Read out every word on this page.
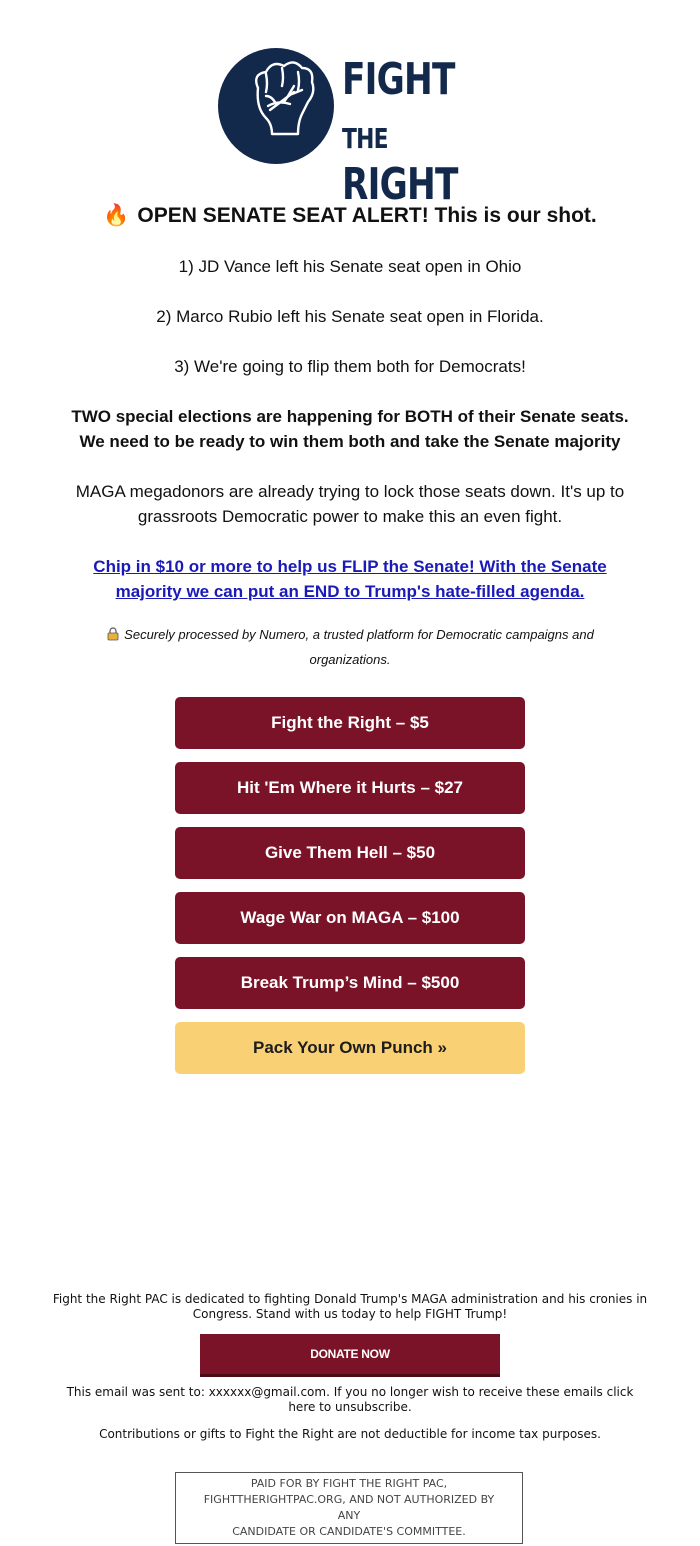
FIGHT
THE RIGHT
🔥 OPEN SENATE SEAT ALERT! This is our shot.
1) JD Vance left his Senate seat open in Ohio
2) Marco Rubio left his Senate seat open in Florida.
3) We're going to flip them both for Democrats!
TWO special elections are happening for BOTH of their Senate seats.
We need to be ready to win them both and take the Senate majority
MAGA megadonors are already trying to lock those seats down. It's up to
grassroots Democratic power to make this an even fight.
Chip in $10 or more to help us FLIP the Senate! With the Senate
majority we can put an END to Trump's hate-filled agenda.
Securely processed by Numero, a trusted platform for Democratic campaigns and
organizations.
Fight the Right – $5
Hit 'Em Where it Hurts – $27
Give Them Hell – $50
Wage War on MAGA – $100
Break Trump’s Mind – $500
Pack Your Own Punch »
Fight the Right PAC is dedicated to fighting Donald Trump's MAGA administration and his cronies in
Congress. Stand with us today to help FIGHT Trump!
DONATE NOW
This email was sent to: xxxxxx@gmail.com. If you no longer wish to receive these emails click
here to unsubscribe.
Contributions or gifts to Fight the Right are not deductible for income tax purposes.
PAID FOR BY FIGHT THE RIGHT PAC,
FIGHTTHERIGHTPAC.ORG, AND NOT AUTHORIZED BY ANY
CANDIDATE OR CANDIDATE'S COMMITTEE.
